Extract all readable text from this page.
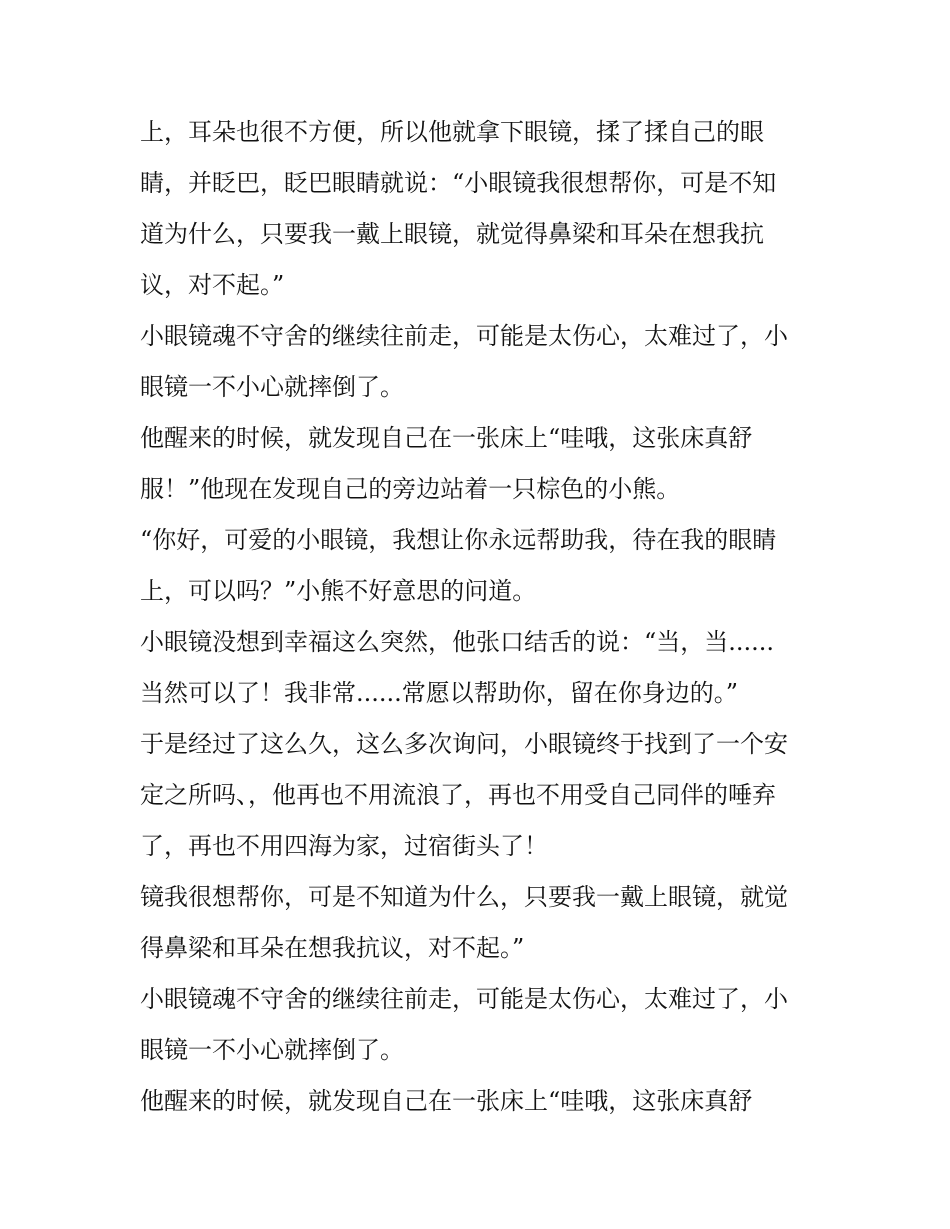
上，耳朵也很不方便，所以他就拿下眼镜，揉了揉自己的眼
睛，并眨巴，眨巴眼睛就说：“小眼镜我很想帮你，可是不知
道为什么，只要我一戴上眼镜，就觉得鼻梁和耳朵在想我抗
议，对不起。”
小眼镜魂不守舍的继续往前走，可能是太伤心，太难过了，小
眼镜一不小心就摔倒了。
他醒来的时候，就发现自己在一张床上“哇哦，这张床真舒
服！”他现在发现自己的旁边站着一只棕色的小熊。
“你好，可爱的小眼镜，我想让你永远帮助我，待在我的眼睛
上，可以吗？”小熊不好意思的问道。
小眼镜没想到幸福这么突然，他张口结舌的说：“当，当......
当然可以了！我非常......常愿以帮助你，留在你身边的。”
于是经过了这么久，这么多次询问，小眼镜终于找到了一个安
定之所吗、，他再也不用流浪了，再也不用受自己同伴的唾弃
了，再也不用四海为家，过宿街头了！
镜我很想帮你，可是不知道为什么，只要我一戴上眼镜，就觉
得鼻梁和耳朵在想我抗议，对不起。”
小眼镜魂不守舍的继续往前走，可能是太伤心，太难过了，小
眼镜一不小心就摔倒了。
他醒来的时候，就发现自己在一张床上“哇哦，这张床真舒
